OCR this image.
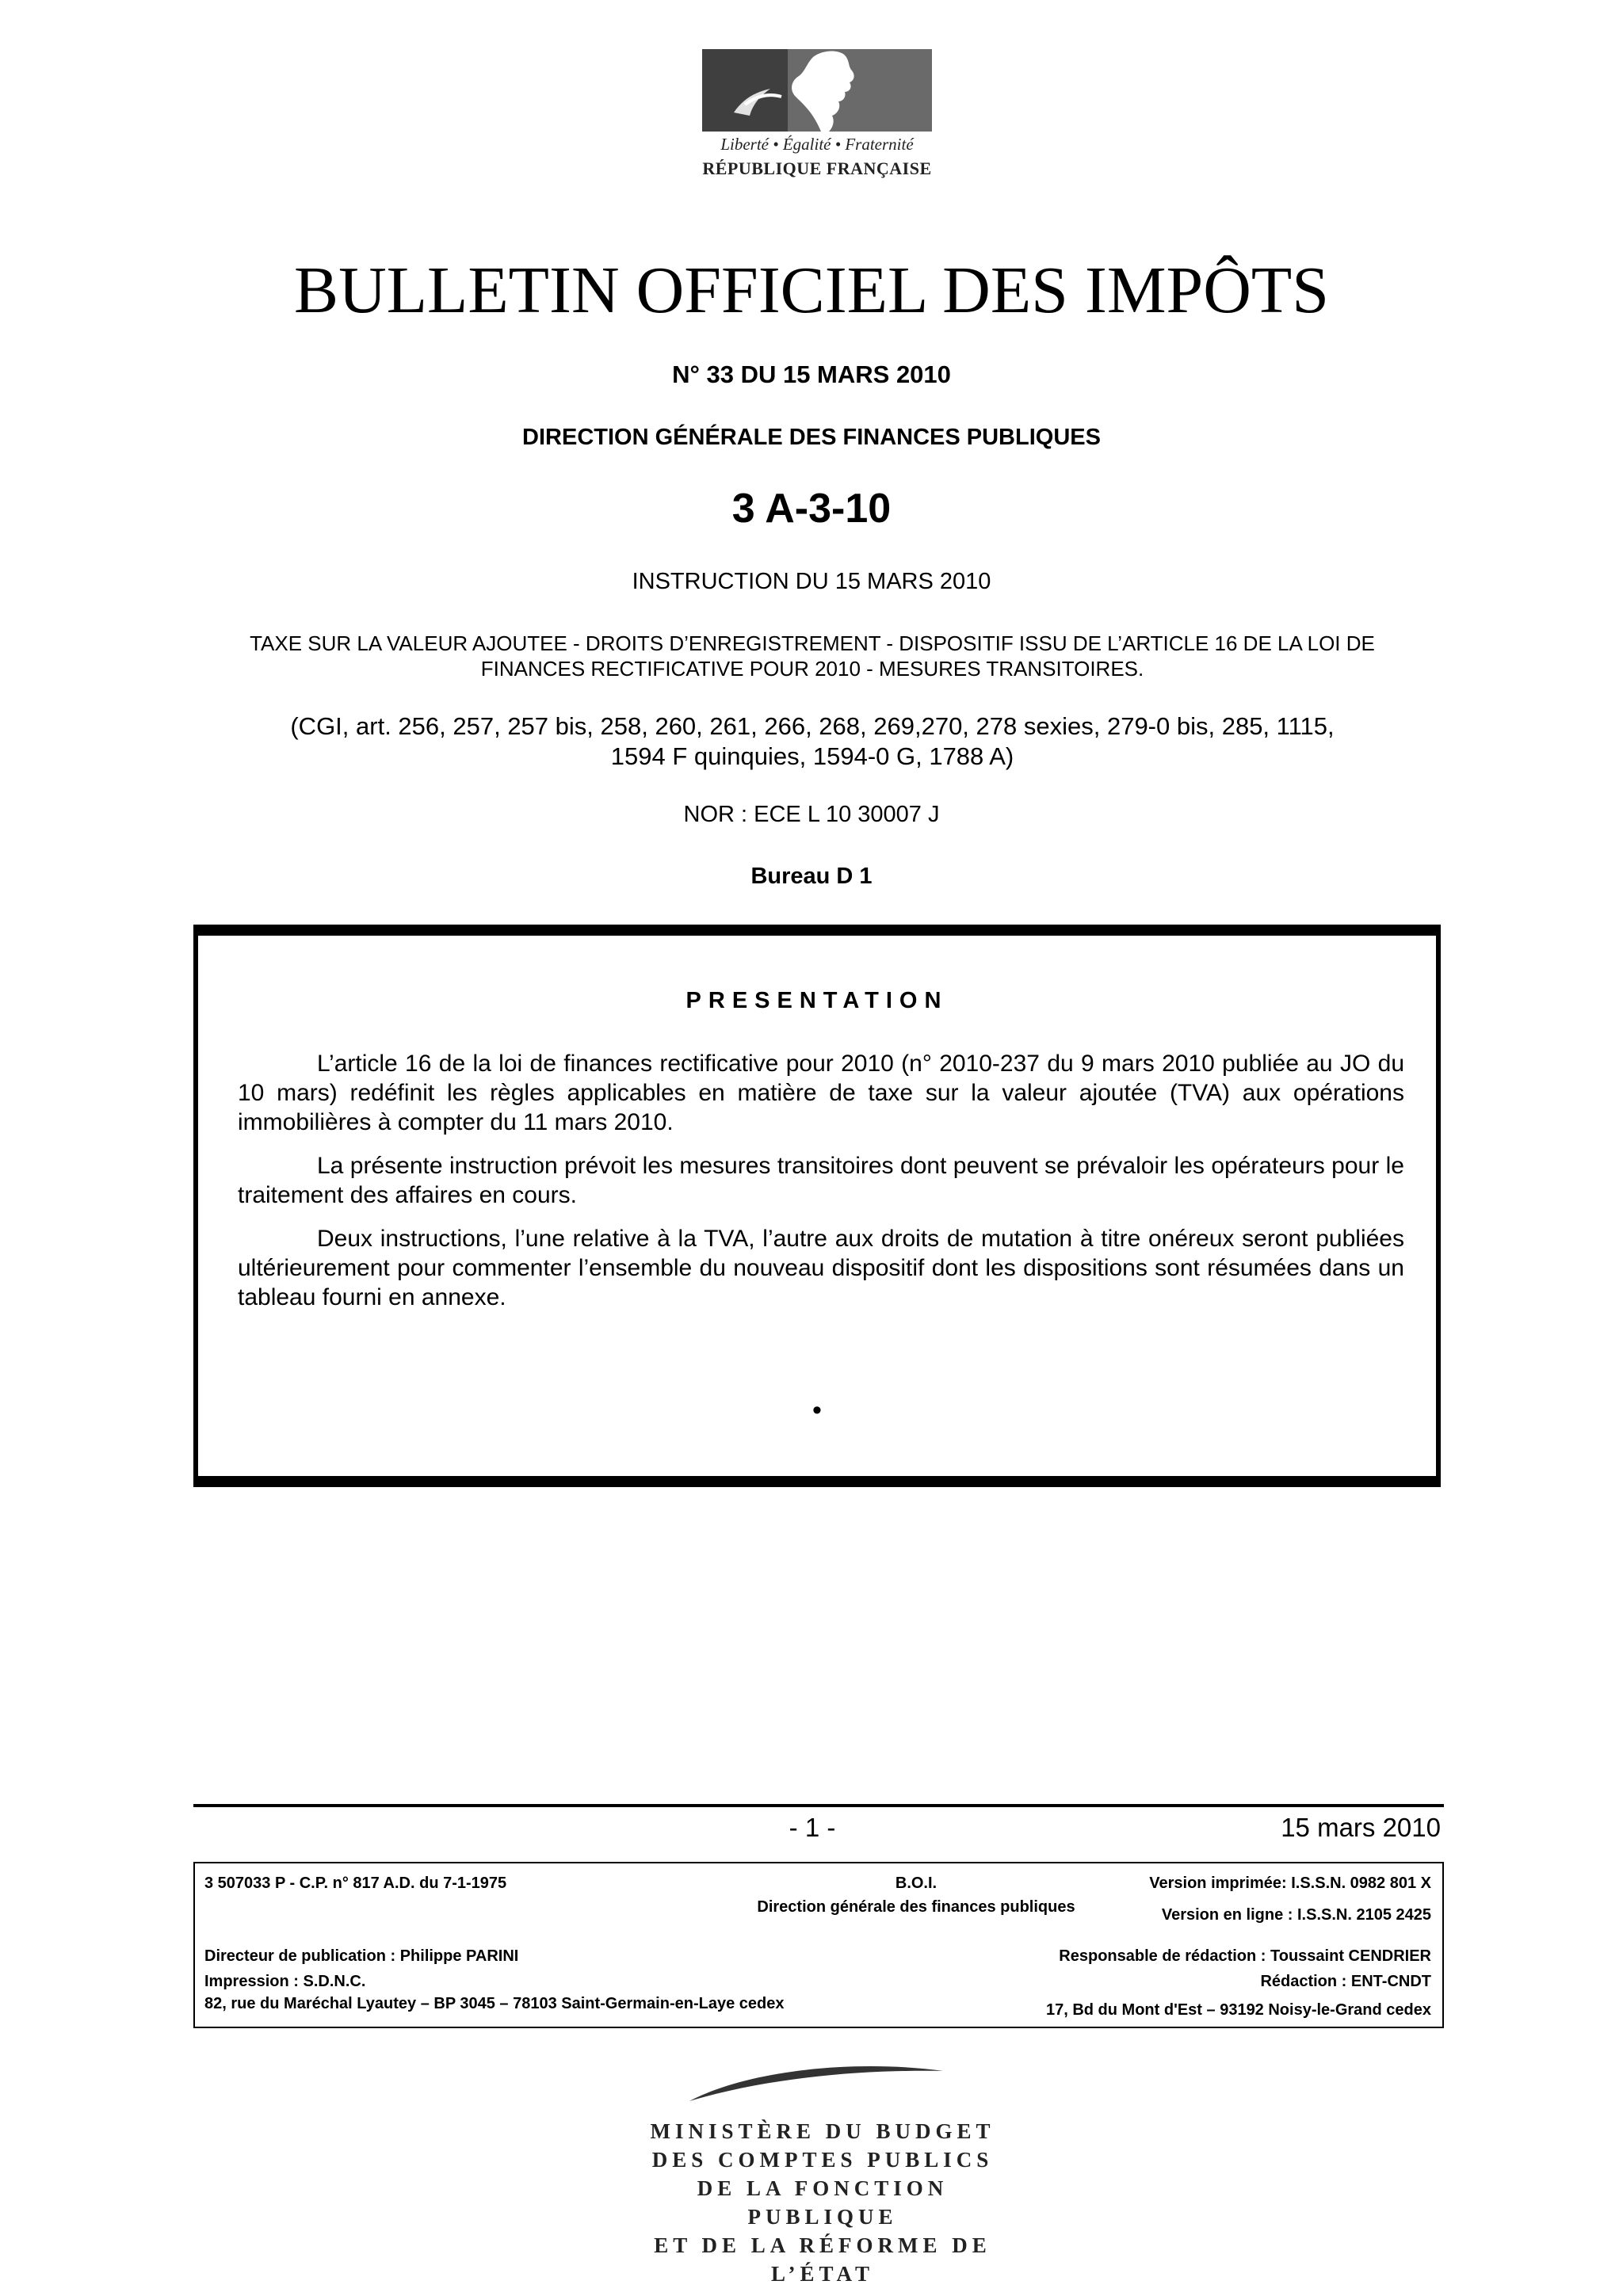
Liberté • Égalité • Fraternité
RÉPUBLIQUE FRANÇAISE
BULLETIN OFFICIEL DES IMPÔTS
N° 33 DU 15 MARS 2010
DIRECTION GÉNÉRALE DES FINANCES PUBLIQUES
3 A-3-10
INSTRUCTION DU 15 MARS 2010
TAXE SUR LA VALEUR AJOUTEE - DROITS D’ENREGISTREMENT - DISPOSITIF ISSU DE L’ARTICLE 16 DE LA LOI DE
FINANCES RECTIFICATIVE POUR 2010 - MESURES TRANSITOIRES.
(CGI, art. 256, 257, 257 bis, 258, 260, 261, 266, 268, 269,270, 278 sexies, 279-0 bis, 285, 1115,
1594 F quinquies, 1594-0 G, 1788 A)
NOR : ECE L 10 30007 J
Bureau D 1
PRESENTATION

L’article 16 de la loi de finances rectificative pour 2010 (n° 2010-237 du 9 mars 2010 publiée au JO du 10 mars) redéfinit les règles applicables en matière de taxe sur la valeur ajoutée (TVA) aux opérations immobilières à compter du 11 mars 2010.

La présente instruction prévoit les mesures transitoires dont peuvent se prévaloir les opérateurs pour le traitement des affaires en cours.

Deux instructions, l’une relative à la TVA, l’autre aux droits de mutation à titre onéreux seront publiées ultérieurement pour commenter l’ensemble du nouveau dispositif dont les dispositions sont résumées dans un tableau fourni en annexe.

•
- 1 -	15 mars 2010
3 507033 P - C.P. n° 817 A.D. du 7-1-1975	B.O.I.
Direction générale des finances publiques
Version imprimée: I.S.S.N. 0982 801 X
Version en ligne : I.S.S.N. 2105 2425
Directeur de publication : Philippe PARINI	Responsable de rédaction : Toussaint CENDRIER
Impression : S.D.N.C.	Rédaction : ENT-CNDT
82, rue du Maréchal Lyautey – BP 3045 – 78103 Saint-Germain-en-Laye cedex	17, Bd du Mont d'Est – 93192 Noisy-le-Grand cedex
MINISTÈRE DU BUDGET
DES COMPTES PUBLICS
DE LA FONCTION PUBLIQUE
ET DE LA RÉFORME DE L’ÉTAT
